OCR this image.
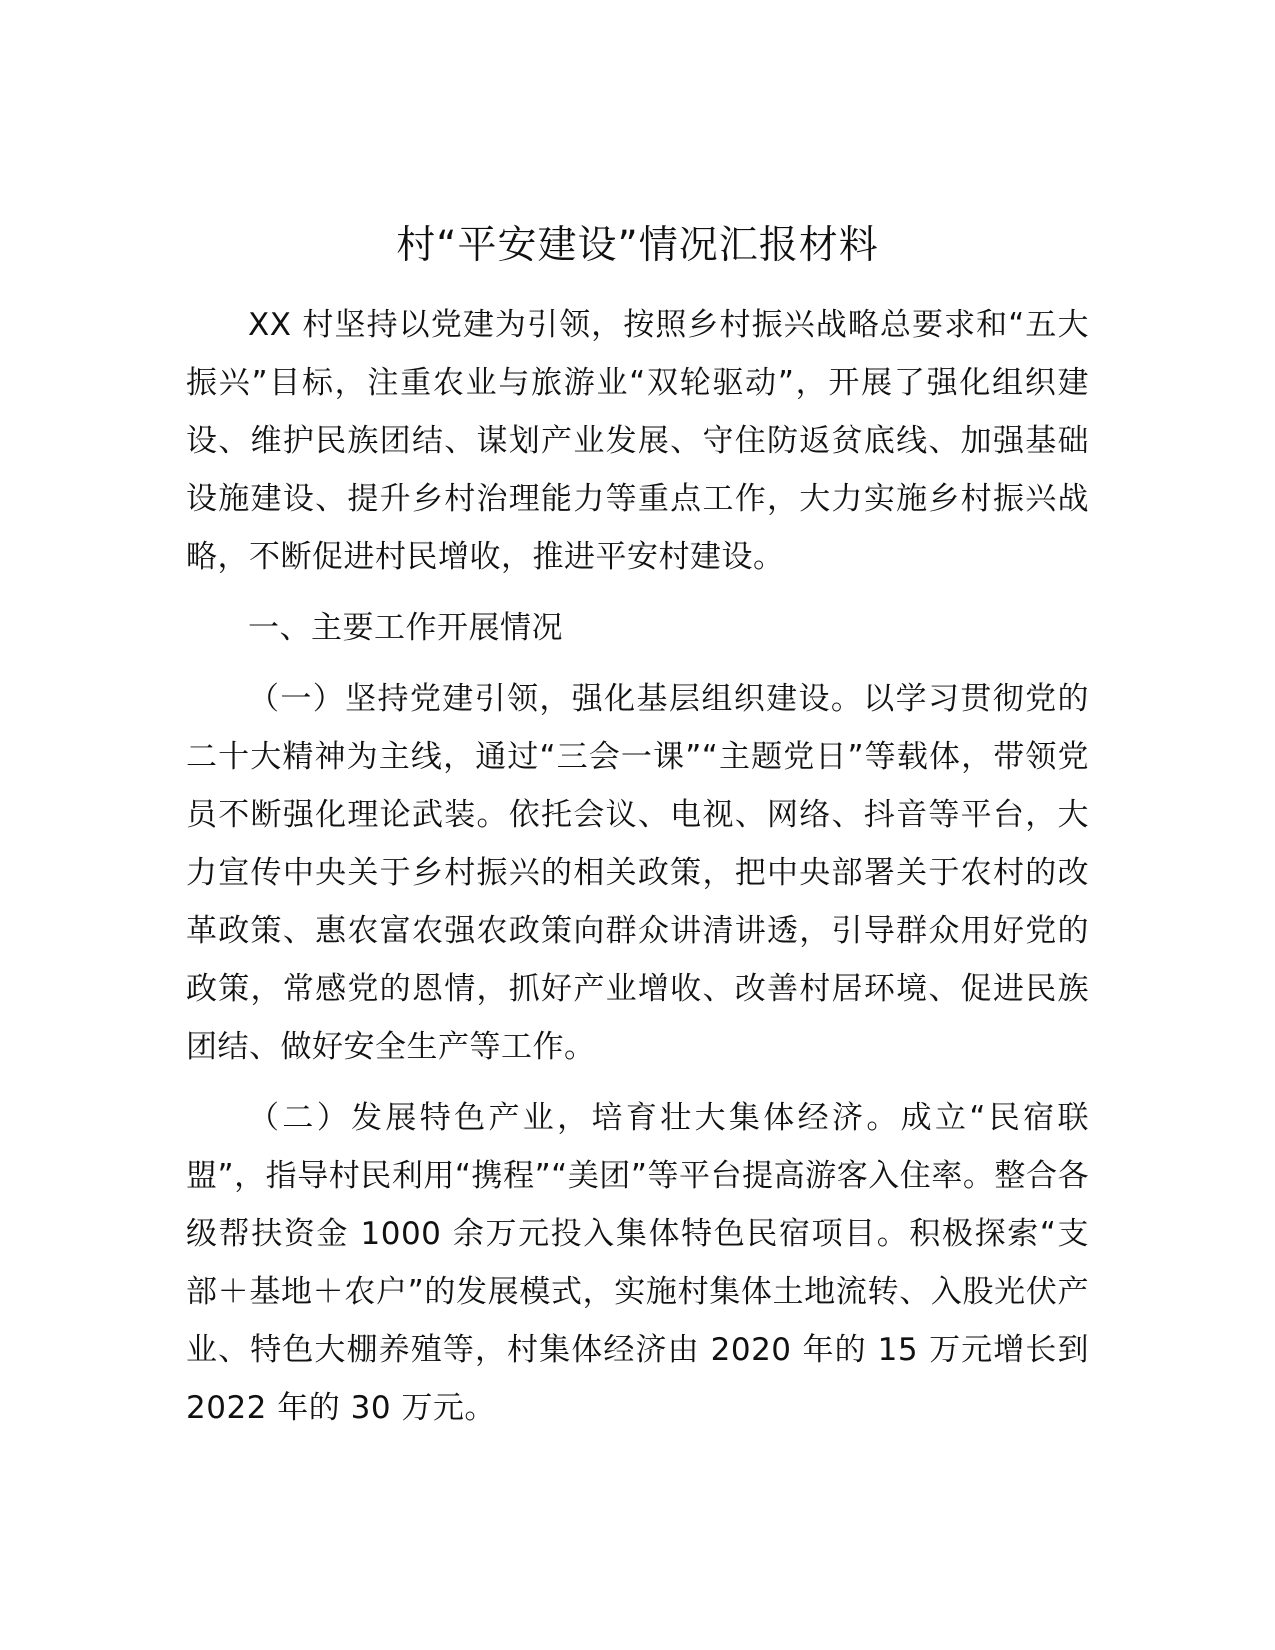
村“平安建设”情况汇报材料

XX 村坚持以党建为引领，按照乡村振兴战略总要求和“五大振兴”目标，注重农业与旅游业“双轮驱动”，开展了强化组织建设、维护民族团结、谋划产业发展、守住防返贫底线、加强基础设施建设、提升乡村治理能力等重点工作，大力实施乡村振兴战略，不断促进村民增收，推进平安村建设。

一、主要工作开展情况

（一）坚持党建引领，强化基层组织建设。以学习贯彻党的二十大精神为主线，通过“三会一课”“主题党日”等载体，带领党员不断强化理论武装。依托会议、电视、网络、抖音等平台，大力宣传中央关于乡村振兴的相关政策，把中央部署关于农村的改革政策、惠农富农强农政策向群众讲清讲透，引导群众用好党的政策，常感党的恩情，抓好产业增收、改善村居环境、促进民族团结、做好安全生产等工作。

（二）发展特色产业，培育壮大集体经济。成立“民宿联盟”，指导村民利用“携程”“美团”等平台提高游客入住率。整合各级帮扶资金 1000 余万元投入集体特色民宿项目。积极探索“支部＋基地＋农户”的发展模式，实施村集体土地流转、入股光伏产业、特色大棚养殖等，村集体经济由 2020 年的 15 万元增长到 2022 年的 30 万元。
